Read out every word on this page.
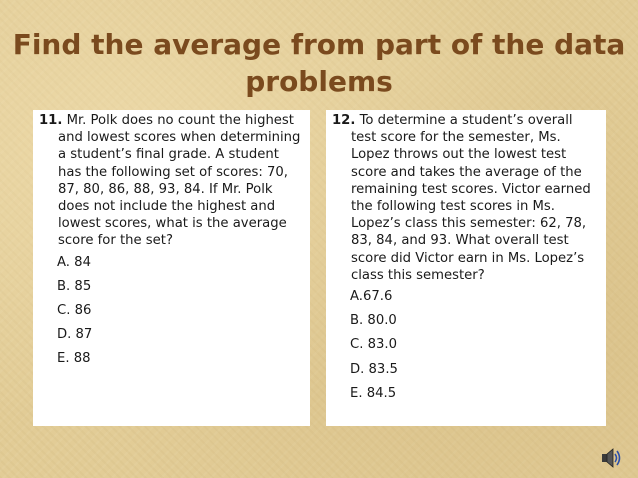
Find the average from part of the data
problems

11. Mr. Polk does no count the highest and lowest scores when determining a student’s final grade. A student has the following set of scores: 70, 87, 80, 86, 88, 93, 84. If Mr. Polk does not include the highest and lowest scores, what is the average score for the set?

A. 84
B. 85
C. 86
D. 87
E. 88

12. To determine a student’s overall test score for the semester, Ms. Lopez throws out the lowest test score and takes the average of the remaining test scores. Victor earned the following test scores in Ms. Lopez’s class this semester: 62, 78, 83, 84, and 93. What overall test score did Victor earn in Ms. Lopez’s class this semester?

A.67.6
B. 80.0
C. 83.0
D. 83.5
E. 84.5
